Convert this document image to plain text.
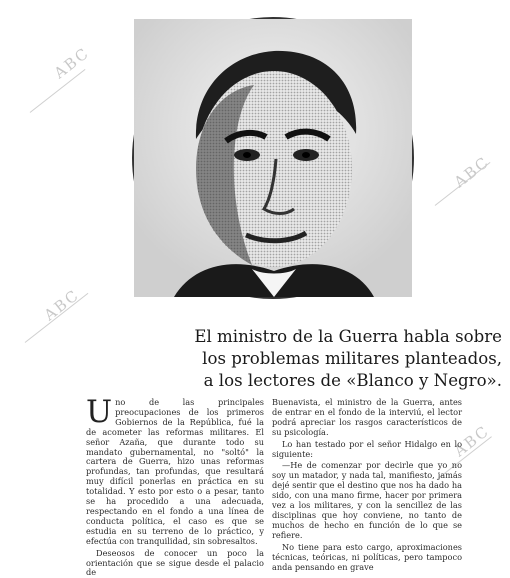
ABC
ABC
ABC
ABC
El ministro de la Guerra habla sobre
los problemas militares planteados,
a los lectores de «Blanco y Negro».

Uno de las principales preocupaciones de los primeros Gobiernos de la República, fué la de acometer las reformas militares. El señor Azaña, que durante todo su mandato gubernamental, no "soltó" la cartera de Guerra, hizo unas reformas profundas, tan profundas, que resultará muy difícil ponerlas en práctica en su totalidad. Y esto por esto o a pesar, tanto se ha procedido a una adecuada, respectando en el fondo a una línea de conducta política, el caso es que se estudia en su terreno de lo práctico, y efectúa con tranquilidad, sin sobresaltos.

Deseosos de conocer un poco la orientación que se sigue desde el palacio de

Buenavista, el ministro de la Guerra, antes de entrar en el fondo de la interviú, el lector podrá apreciar los rasgos característicos de su psicología.

Lo han testado por el señor Hidalgo en lo siguiente:

—He de comenzar por decirle que yo no soy un matador, y nada tal, manifiesto, jamás dejé sentir que el destino que nos ha dado ha sido, con una mano firme, hacer por primera vez a los militares, y con la sencillez de las disciplinas que hoy conviene, no tanto de muchos de hecho en función de lo que se refiere.

No tiene para esto cargo, aproximaciones técnicas, teóricas, ni políticas, pero tampoco anda pensando en grave
